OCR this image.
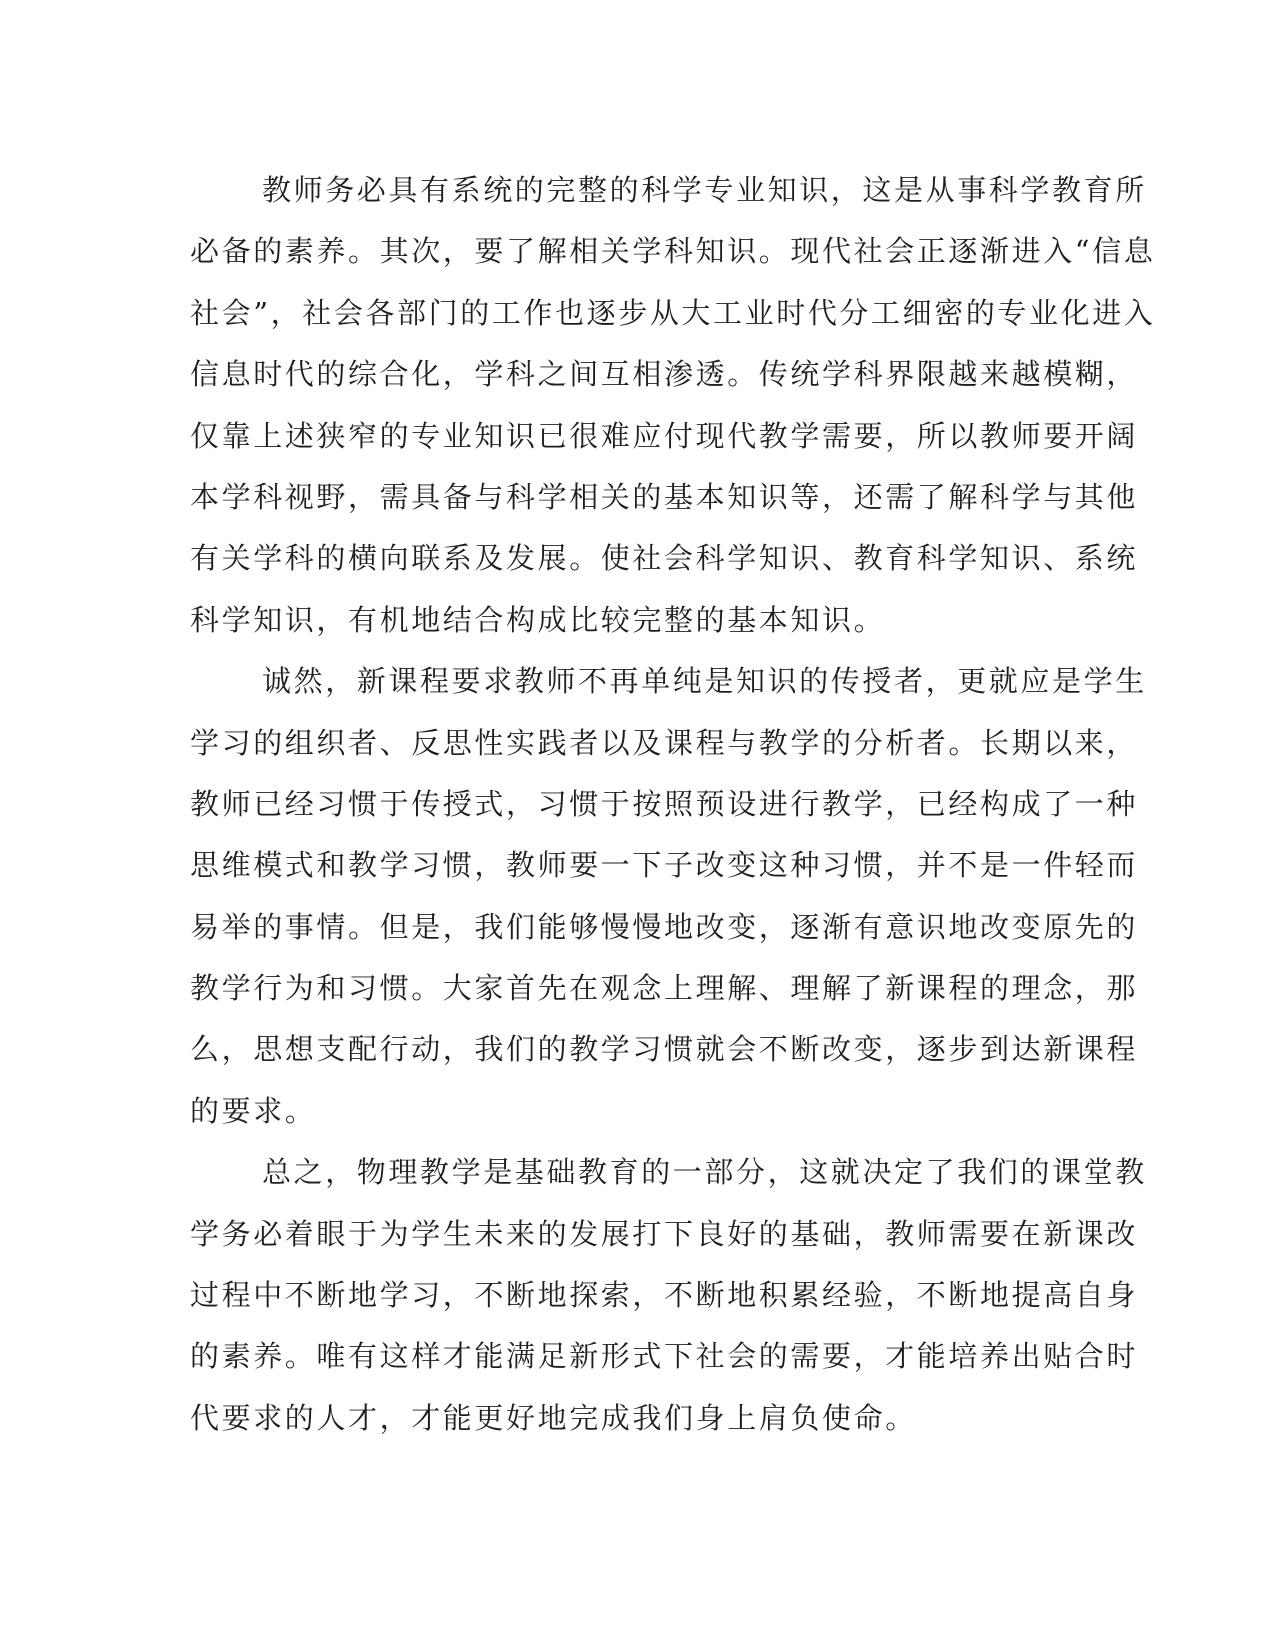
教师务必具有系统的完整的科学专业知识，这是从事科学教育所
必备的素养。其次，要了解相关学科知识。现代社会正逐渐进入“信息
社会”，社会各部门的工作也逐步从大工业时代分工细密的专业化进入
信息时代的综合化，学科之间互相渗透。传统学科界限越来越模糊，
仅靠上述狭窄的专业知识已很难应付现代教学需要，所以教师要开阔
本学科视野，需具备与科学相关的基本知识等，还需了解科学与其他
有关学科的横向联系及发展。使社会科学知识、教育科学知识、系统
科学知识，有机地结合构成比较完整的基本知识。
诚然，新课程要求教师不再单纯是知识的传授者，更就应是学生
学习的组织者、反思性实践者以及课程与教学的分析者。长期以来，
教师已经习惯于传授式，习惯于按照预设进行教学，已经构成了一种
思维模式和教学习惯，教师要一下子改变这种习惯，并不是一件轻而
易举的事情。但是，我们能够慢慢地改变，逐渐有意识地改变原先的
教学行为和习惯。大家首先在观念上理解、理解了新课程的理念，那
么，思想支配行动，我们的教学习惯就会不断改变，逐步到达新课程
的要求。
总之，物理教学是基础教育的一部分，这就决定了我们的课堂教
学务必着眼于为学生未来的发展打下良好的基础，教师需要在新课改
过程中不断地学习，不断地探索，不断地积累经验，不断地提高自身
的素养。唯有这样才能满足新形式下社会的需要，才能培养出贴合时
代要求的人才，才能更好地完成我们身上肩负使命。
